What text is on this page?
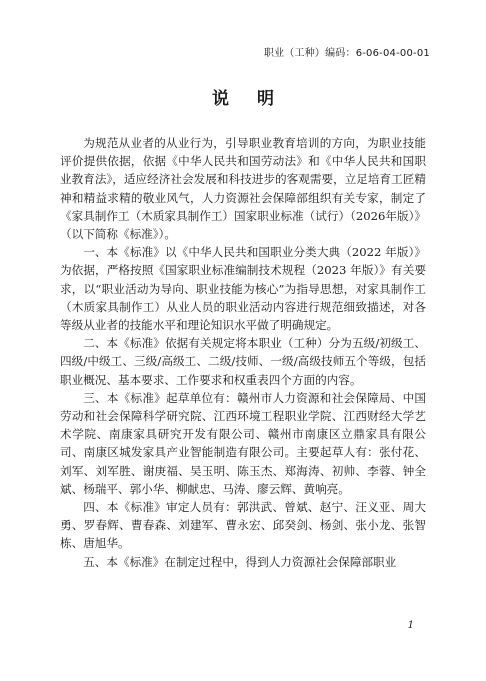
职业（工种）编码：6-06-04-00-01
说明

为规范从业者的从业行为，引导职业教育培训的方向，为职业技能评价提供依据，依据《中华人民共和国劳动法》和《中华人民共和国职业教育法》，适应经济社会发展和科技进步的客观需要，立足培育工匠精神和精益求精的敬业风气，人力资源社会保障部组织有关专家，制定了《家具制作工（木质家具制作工）国家职业标准（试行）（2026年版）》（以下简称《标准》）。

一、本《标准》以《中华人民共和国职业分类大典（2022 年版）》为依据，严格按照《国家职业标准编制技术规程（2023 年版）》有关要求，以“职业活动为导向、职业技能为核心”为指导思想，对家具制作工（木质家具制作工）从业人员的职业活动内容进行规范细致描述，对各等级从业者的技能水平和理论知识水平做了明确规定。

二、本《标准》依据有关规定将本职业（工种）分为五级/初级工、四级/中级工、三级/高级工、二级/技师、一级/高级技师五个等级，包括职业概况、基本要求、工作要求和权重表四个方面的内容。

三、本《标准》起草单位有：赣州市人力资源和社会保障局、中国劳动和社会保障科学研究院、江西环境工程职业学院、江西财经大学艺术学院、南康家具研究开发有限公司、赣州市南康区立鼎家具有限公司、南康区城发家具产业智能制造有限公司。主要起草人有：张付花、刘军、刘军胜、谢庚福、吴玉明、陈玉杰、郑海涛、初帅、李蓉、钟全斌、杨瑞平、郭小华、柳献忠、马涛、廖云辉、黄响亮。

四、本《标准》审定人员有：郭洪武、曾斌、赵宁、汪义亚、周大勇、罗春辉、曹春森、刘建军、曹永宏、邱癸剑、杨剑、张小龙、张智栋、唐旭华。

五、本《标准》在制定过程中，得到人力资源社会保障部职业

1
